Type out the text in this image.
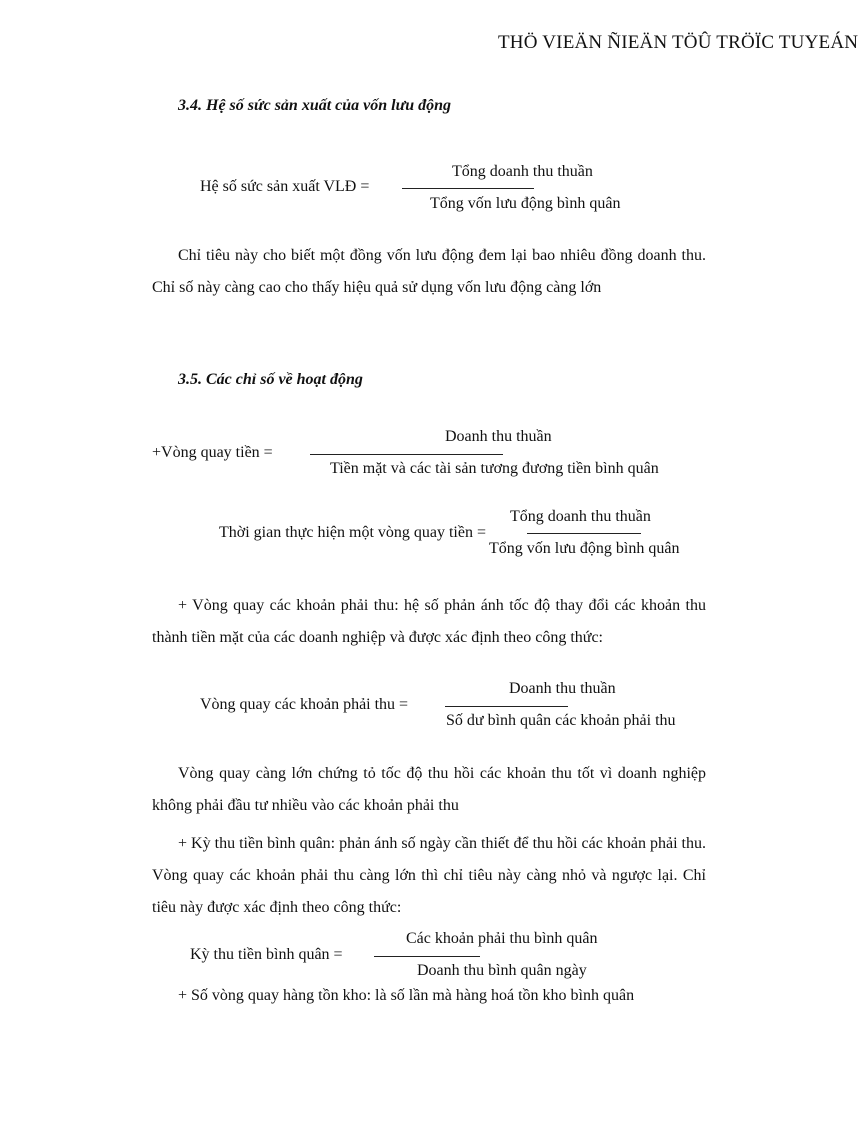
THÖ VIEÄN ÑIEÄN TÖÛ TRÖÏC TUYEÁN
3.4. Hệ số sức sản xuất của vốn lưu động
Hệ số sức sản xuất VLĐ =
Tổng doanh thu thuần
Tổng vốn lưu động bình quân
Chỉ tiêu này cho biết một đồng vốn lưu động đem lại bao nhiêu đồng doanh thu. Chỉ số này càng cao cho thấy hiệu quả sử dụng vốn lưu động càng lớn
3.5. Các chỉ số về hoạt động
+Vòng quay tiền =
Doanh thu thuần
Tiền mặt và các tài sản tương đương tiền bình quân
Thời gian thực hiện một vòng quay tiền =
Tổng doanh thu thuần
Tổng vốn lưu động bình quân
+ Vòng quay các khoản phải thu: hệ số phản ánh tốc độ thay đổi các khoản thu thành tiền mặt của các doanh nghiệp và được xác định theo công thức:
Vòng quay các khoản phải thu =
Doanh thu thuần
Số dư bình quân các khoản phải thu
Vòng quay càng lớn chứng tỏ tốc độ thu hồi các khoản thu tốt vì doanh nghiệp không phải đầu tư nhiều vào các khoản phải thu
+ Kỳ thu tiền bình quân: phản ánh số ngày cần thiết để thu hồi các khoản phải thu. Vòng quay các khoản phải thu càng lớn thì chỉ tiêu này càng nhỏ và ngược lại. Chỉ tiêu này được xác định theo công thức:
Kỳ thu tiền bình quân =
Các khoản phải thu bình quân
Doanh thu bình quân ngày
+ Số vòng quay hàng tồn kho: là số lần mà hàng hoá tồn kho bình quân
